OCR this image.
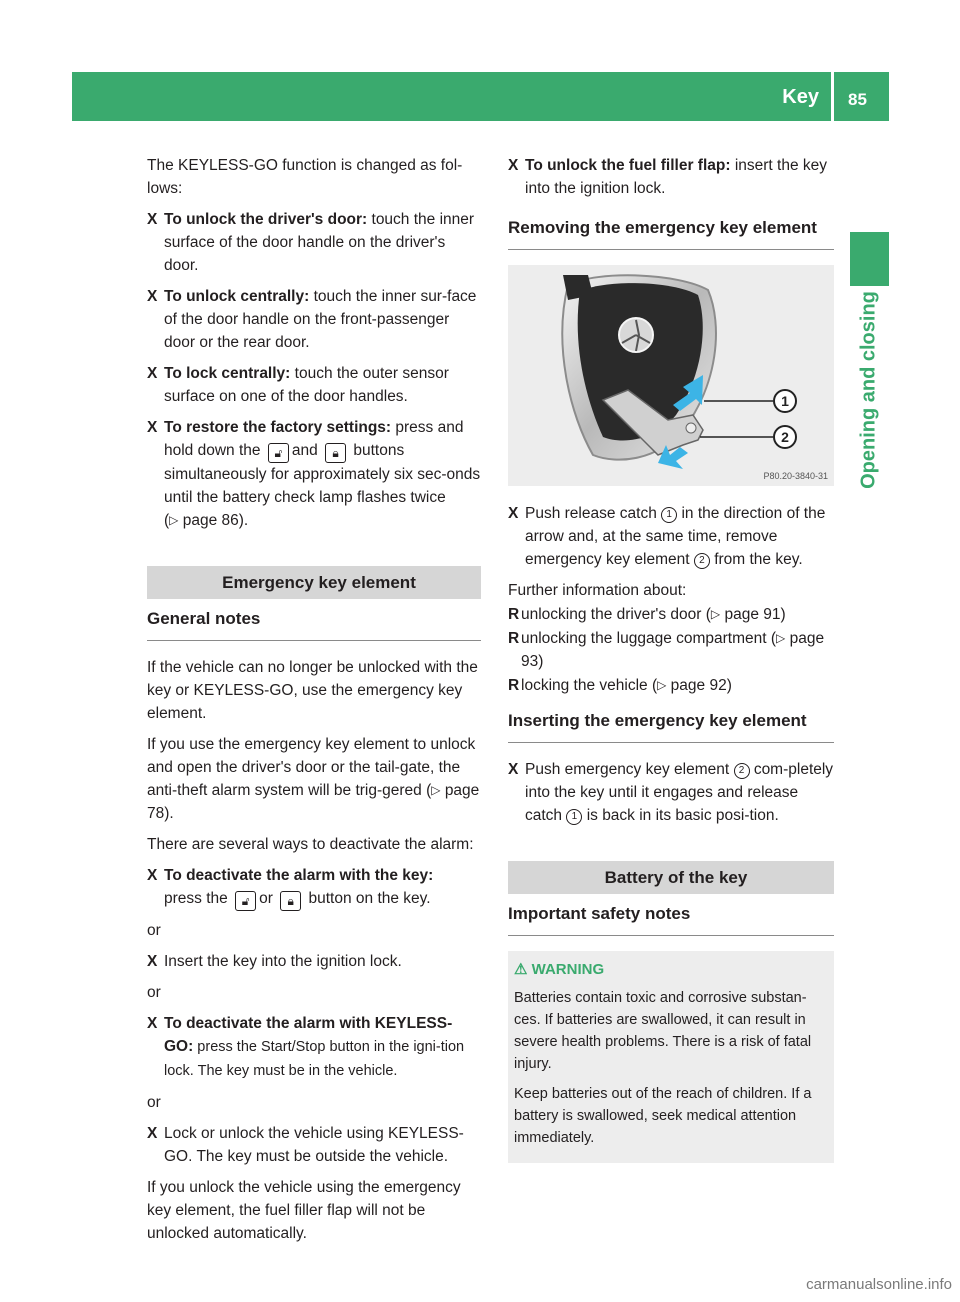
Key 85
Opening and closing

The KEYLESS-GO function is changed as fol-lows:

X To unlock the driver's door: touch the inner surface of the door handle on the driver's door.
X To unlock centrally: touch the inner sur-face of the door handle on the front-passenger door or the rear door.
X To lock centrally: touch the outer sensor surface on one of the door handles.
X To restore the factory settings: press and hold down the 🔓︎ and 🔒︎ buttons simultaneously for approximately six sec-onds until the battery check lamp flashes twice (▷ page 86).
Emergency key element
General notes

If the vehicle can no longer be unlocked with the key or KEYLESS-GO, use the emergency key element.

If you use the emergency key element to unlock and open the driver's door or the tail-gate, the anti-theft alarm system will be trig-gered (▷ page 78).

There are several ways to deactivate the alarm:

X To deactivate the alarm with the key:
press the 🔓︎ or 🔒︎ button on the key.

or

X Insert the key into the ignition lock.

or

X To deactivate the alarm with KEYLESS-GO: press the Start/Stop button in the igni-tion lock. The key must be in the vehicle.

or

X Lock or unlock the vehicle using KEYLESS-GO. The key must be outside the vehicle.

If you unlock the vehicle using the emergency key element, the fuel filler flap will not be unlocked automatically.

X To unlock the fuel filler flap: insert the key into the ignition lock.
Removing the emergency key element
1
2
P80.20-3840-31
X Push release catch 1 in the direction of the arrow and, at the same time, remove emergency key element 2 from the key.

Further information about:

R unlocking the driver's door (▷ page 91)
R unlocking the luggage compartment (▷ page 93)
R locking the vehicle (▷ page 92)
Inserting the emergency key element
X Push emergency key element 2 com-pletely into the key until it engages and release catch 1 is back in its basic posi-tion.
Battery of the key
Important safety notes
⚠︎ WARNING

Batteries contain toxic and corrosive substan-ces. If batteries are swallowed, it can result in severe health problems. There is a risk of fatal injury.

Keep batteries out of the reach of children. If a battery is swallowed, seek medical attention immediately.

carmanualsonline.info
